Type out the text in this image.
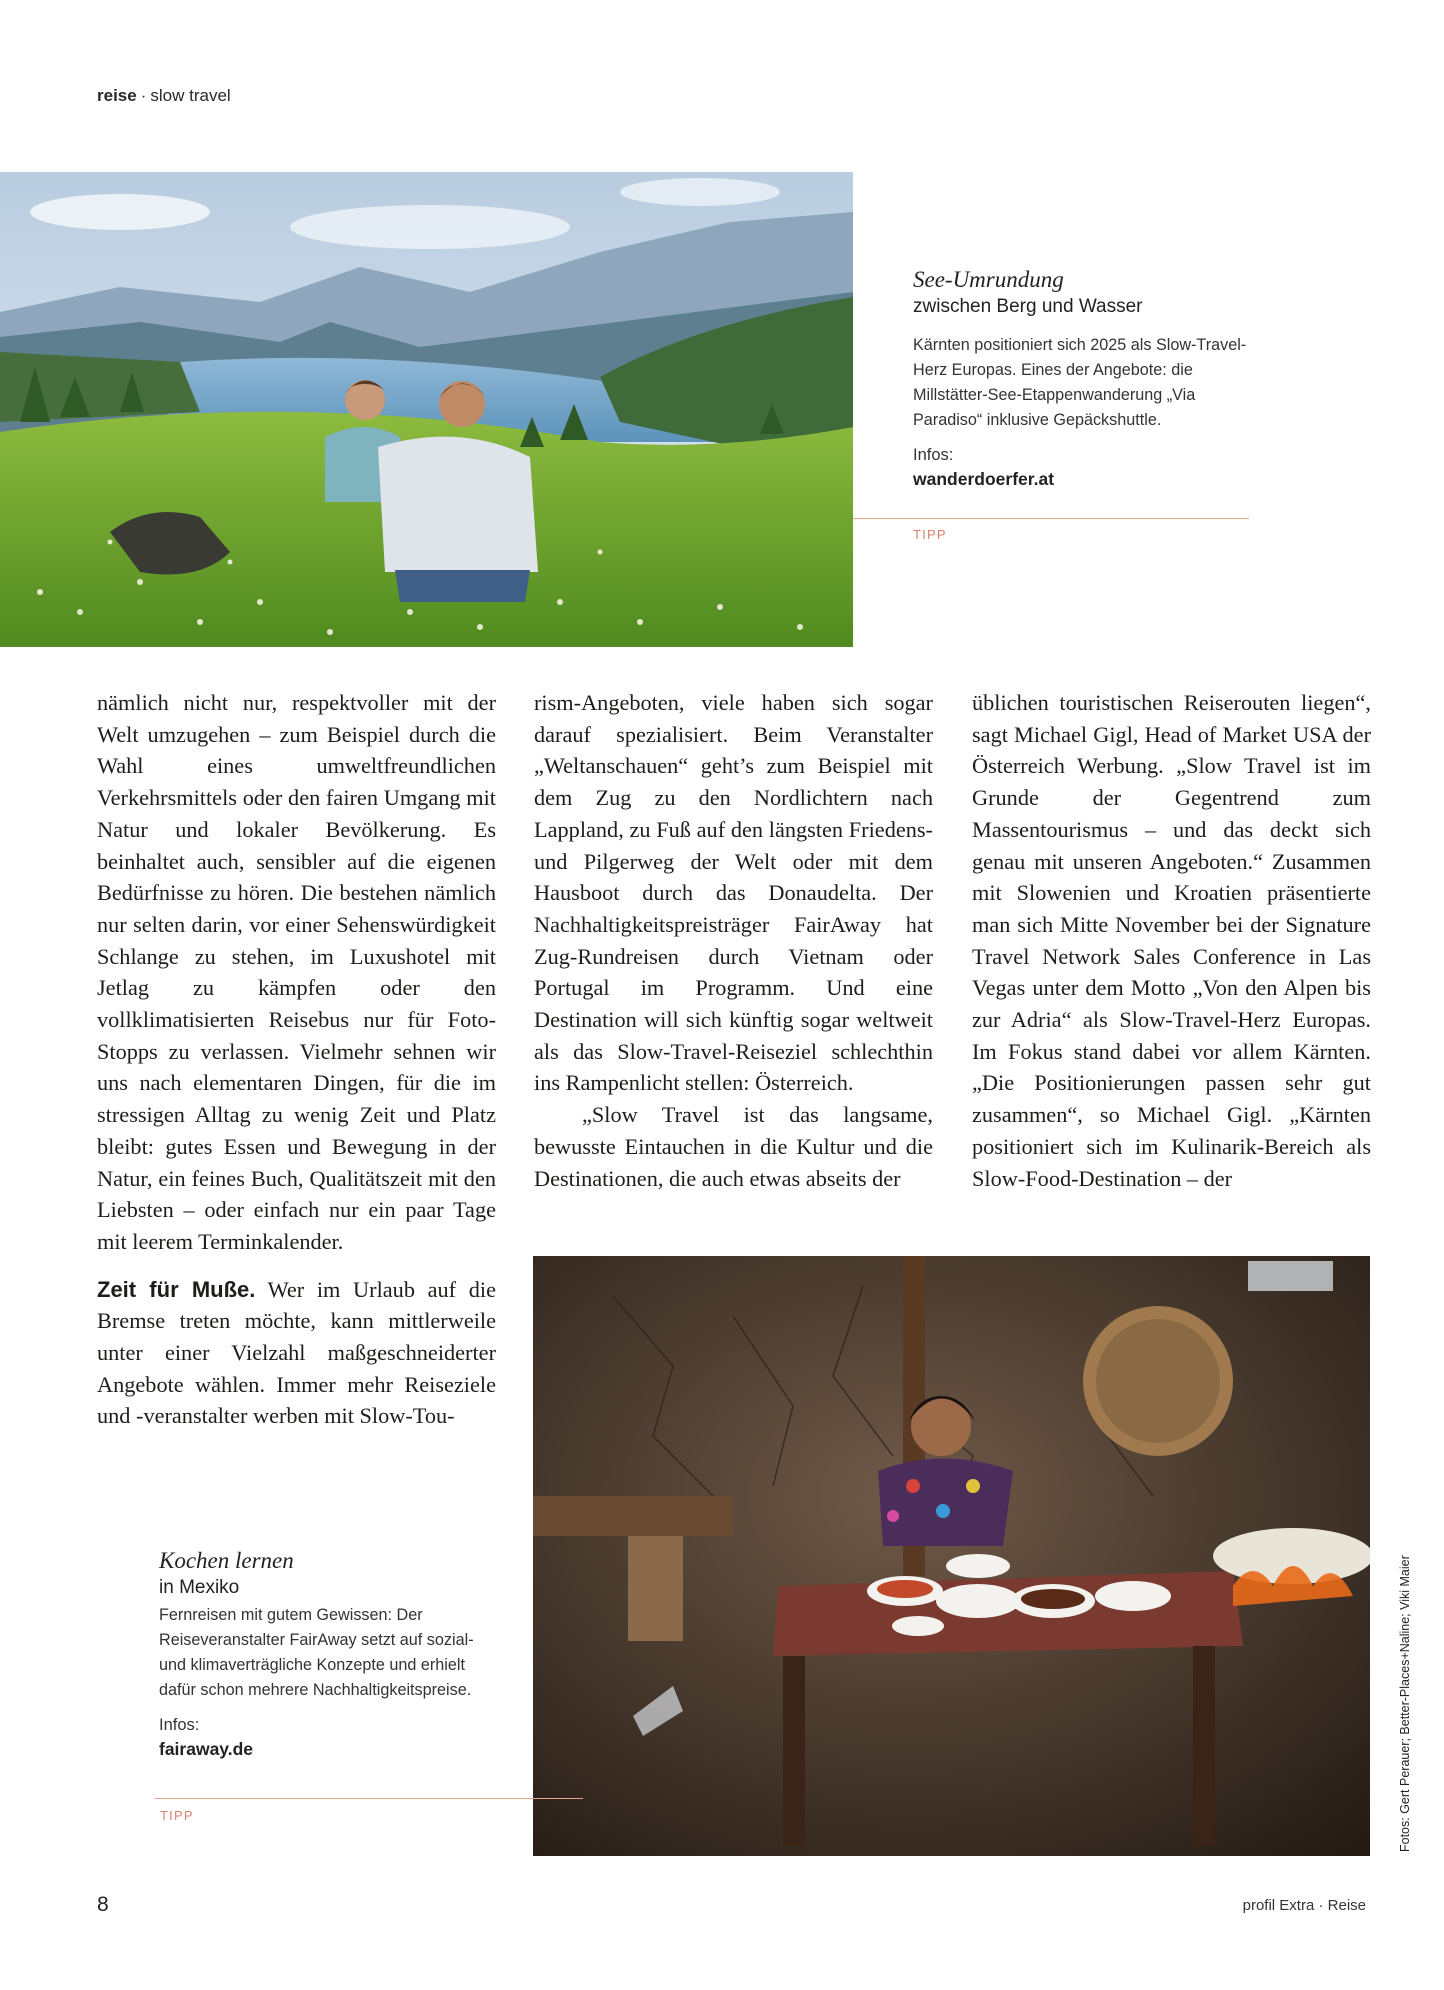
reise · slow travel
See-Umrundung
zwischen Berg und Wasser
Kärnten positioniert sich 2025 als Slow-Travel-Herz Europas. Eines der Angebote: die Millstätter-See-Etappenwanderung „Via Paradiso“ inklusive Gepäckshuttle.
Infos:
wanderdoerfer.at
TIPP

nämlich nicht nur, respektvoller mit der Welt umzugehen – zum Beispiel durch die Wahl eines umweltfreundlichen Verkehrsmittels oder den fairen Umgang mit Natur und lokaler Bevölkerung. Es beinhaltet auch, sensibler auf die eigenen Bedürfnisse zu hören. Die bestehen nämlich nur selten darin, vor einer Sehenswürdigkeit Schlange zu stehen, im Luxushotel mit Jetlag zu kämpfen oder den vollklimatisierten Reisebus nur für Foto-Stopps zu verlassen. Vielmehr sehnen wir uns nach elementaren Dingen, für die im stressigen Alltag zu wenig Zeit und Platz bleibt: gutes Essen und Bewegung in der Natur, ein feines Buch, Qualitätszeit mit den Liebsten – oder einfach nur ein paar Tage mit leerem Terminkalender.

Zeit für Muße. Wer im Urlaub auf die Bremse treten möchte, kann mittlerweile unter einer Vielzahl maßgeschneiderter Angebote wählen. Immer mehr Reiseziele und -veranstalter werben mit Slow-Tou-

rism-Angeboten, viele haben sich sogar darauf spezialisiert. Beim Veranstalter „Weltanschauen“ geht’s zum Beispiel mit dem Zug zu den Nordlichtern nach Lappland, zu Fuß auf den längsten Friedens- und Pilgerweg der Welt oder mit dem Hausboot durch das Donaudelta. Der Nachhaltigkeitspreisträger FairAway hat Zug-Rundreisen durch Vietnam oder Portugal im Programm. Und eine Destination will sich künftig sogar weltweit als das Slow-Travel-Reiseziel schlechthin ins Rampenlicht stellen: Österreich.

„Slow Travel ist das langsame, bewusste Eintauchen in die Kultur und die Destinationen, die auch etwas abseits der

üblichen touristischen Reiserouten liegen“, sagt Michael Gigl, Head of Market USA der Österreich Werbung. „Slow Travel ist im Grunde der Gegentrend zum Massentourismus – und das deckt sich genau mit unseren Angeboten.“ Zusammen mit Slowenien und Kroatien präsentierte man sich Mitte November bei der Signature Travel Network Sales Conference in Las Vegas unter dem Motto „Von den Alpen bis zur Adria“ als Slow-Travel-Herz Europas. Im Fokus stand dabei vor allem Kärnten. „Die Positionierungen passen sehr gut zusammen“, so Michael Gigl. „Kärnten positioniert sich im Kulinarik-Bereich als Slow-Food-Destination – der

Kochen lernen
in Mexiko
Fernreisen mit gutem Gewissen: Der Reiseveranstalter FairAway setzt auf sozial- und klimaverträgliche Konzepte und erhielt dafür schon mehrere Nachhaltigkeitspreise.
Infos:
fairaway.de
TIPP	Fotos: Gert Perauer; Better-Places+Naline; Viki Maier
8	profil Extra · Reise
